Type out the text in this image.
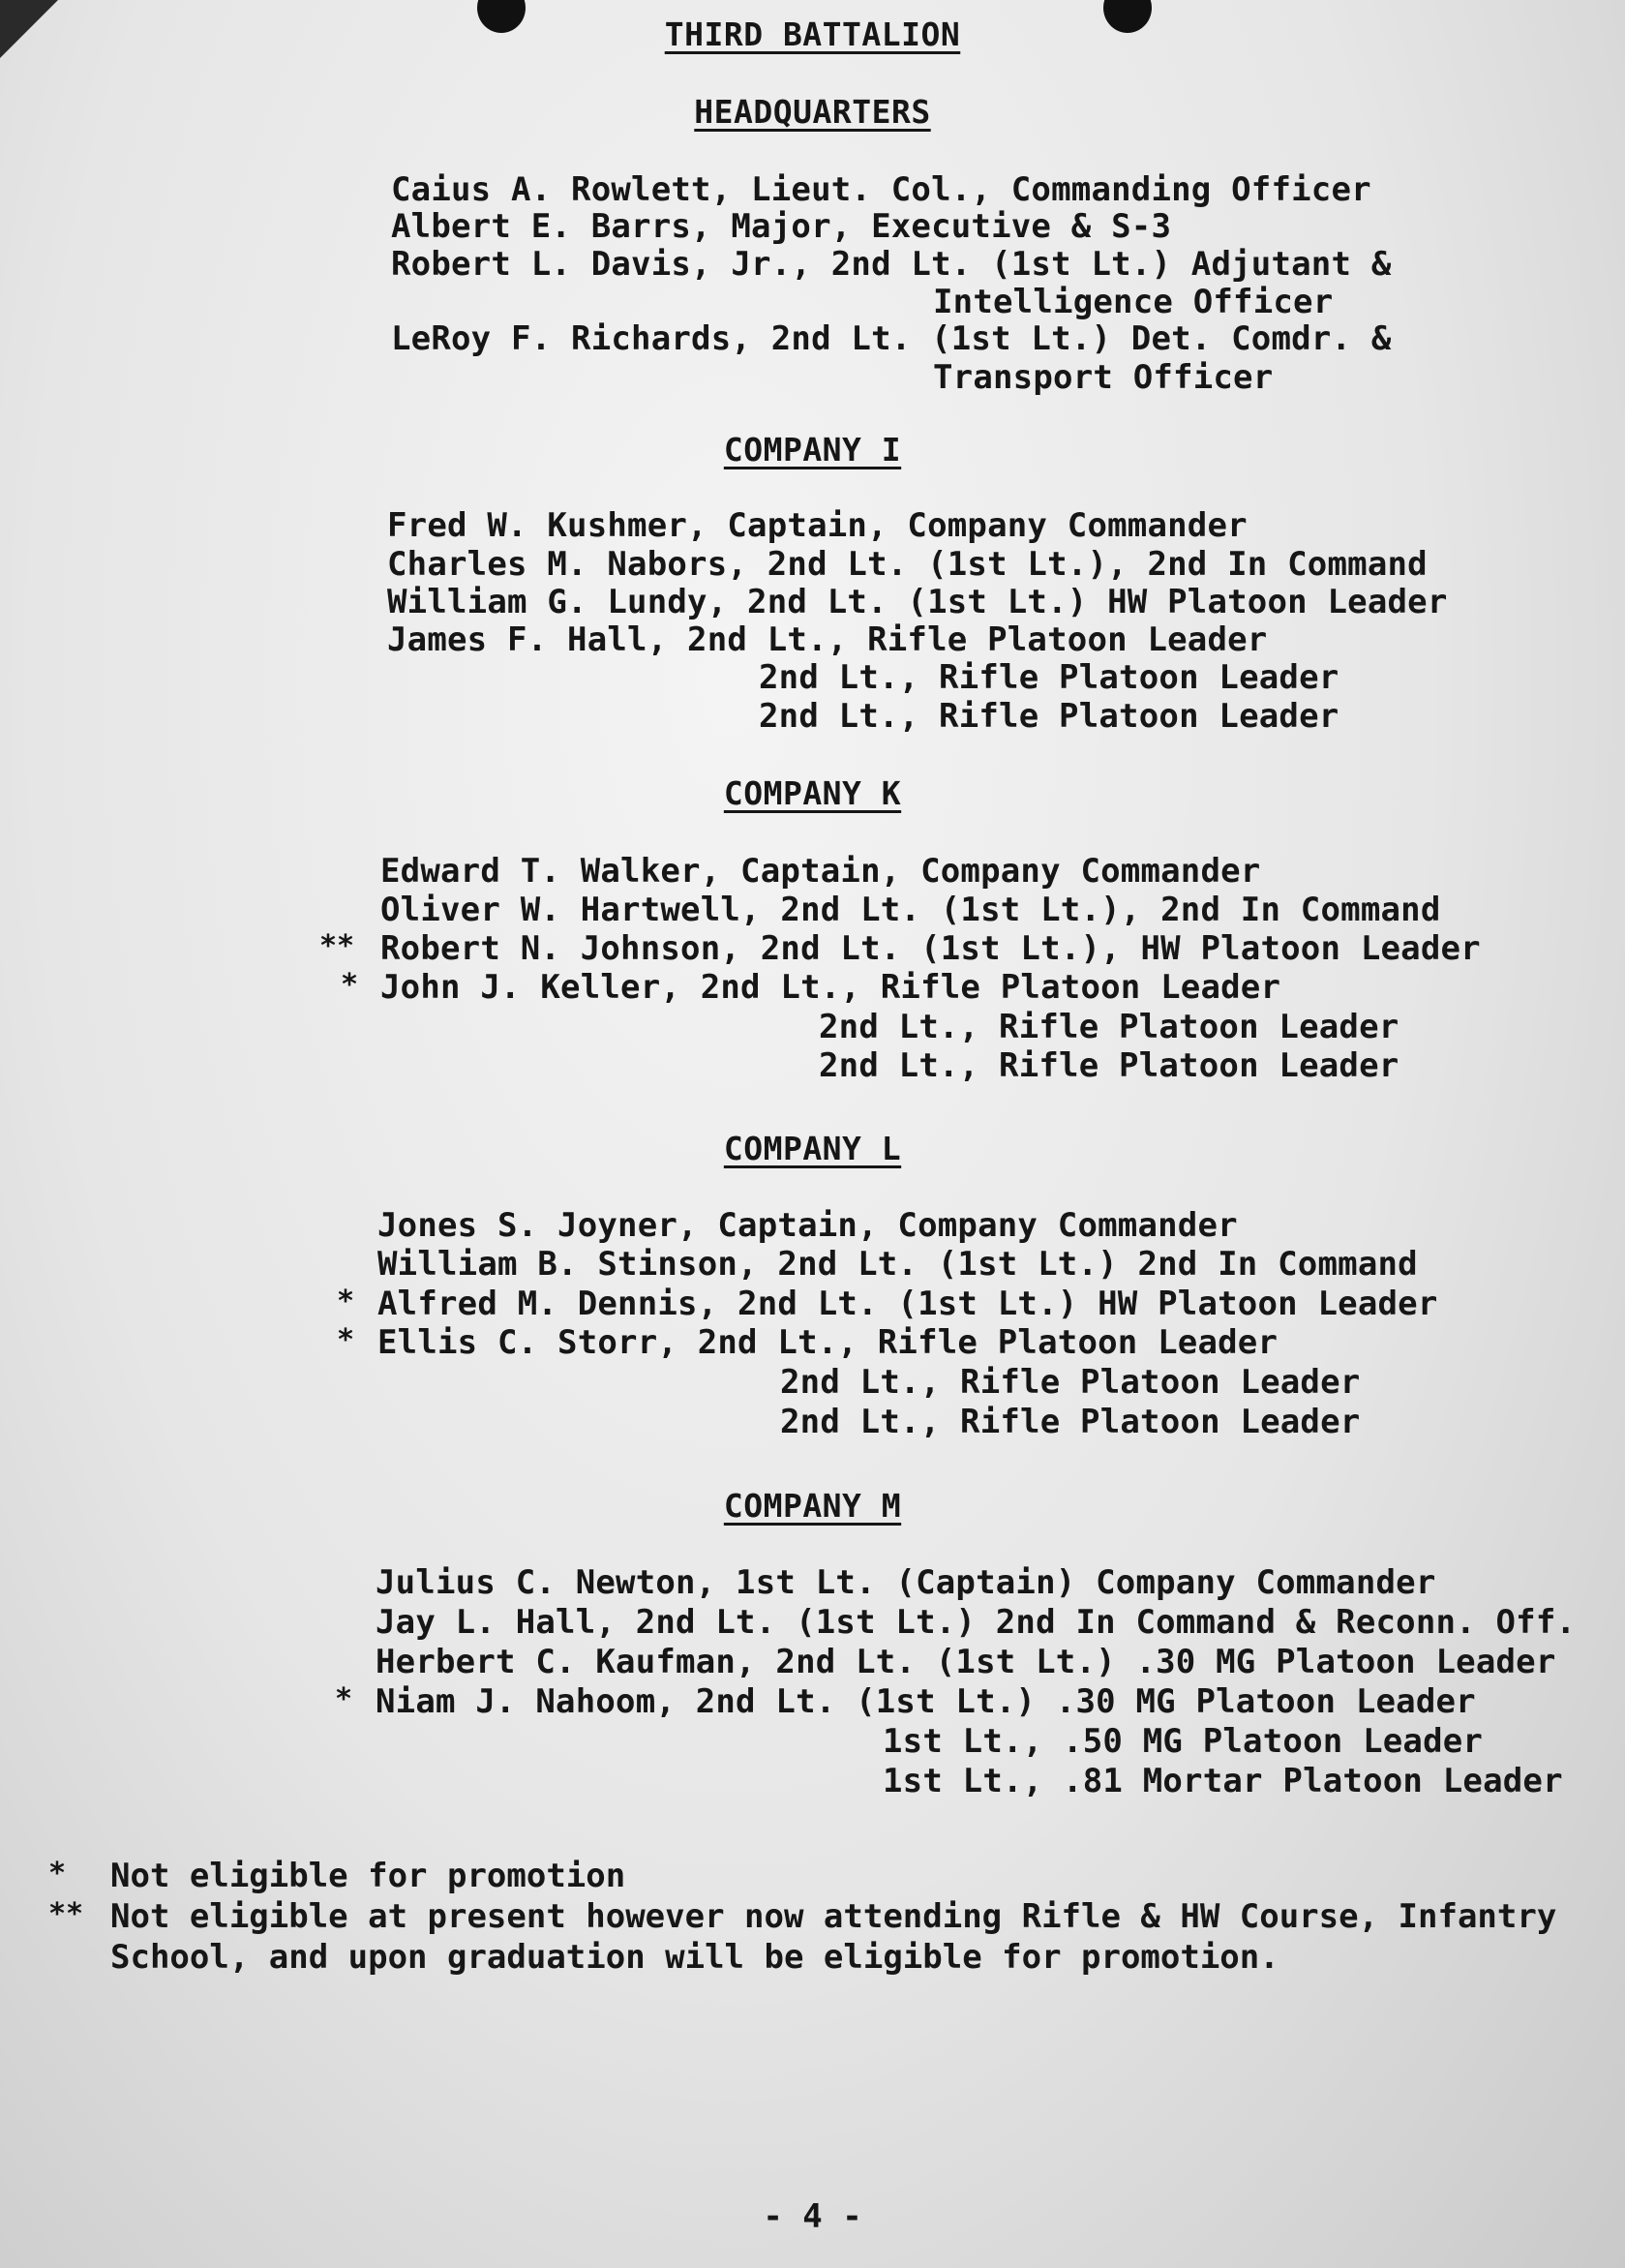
THIRD BATTALION
HEADQUARTERS
Caius A. Rowlett, Lieut. Col., Commanding Officer
Albert E. Barrs, Major, Executive & S-3
Robert L. Davis, Jr., 2nd Lt. (1st Lt.) Adjutant &
Intelligence Officer
LeRoy F. Richards, 2nd Lt. (1st Lt.) Det. Comdr. &
Transport Officer
COMPANY I
Fred W. Kushmer, Captain, Company Commander
Charles M. Nabors, 2nd Lt. (1st Lt.), 2nd In Command
William G. Lundy, 2nd Lt. (1st Lt.) HW Platoon Leader
James F. Hall, 2nd Lt., Rifle Platoon Leader
2nd Lt., Rifle Platoon Leader
2nd Lt., Rifle Platoon Leader
COMPANY K
Edward T. Walker, Captain, Company Commander
Oliver W. Hartwell, 2nd Lt. (1st Lt.), 2nd In Command
** Robert N. Johnson, 2nd Lt. (1st Lt.), HW Platoon Leader
* John J. Keller, 2nd Lt., Rifle Platoon Leader
2nd Lt., Rifle Platoon Leader
2nd Lt., Rifle Platoon Leader
COMPANY L
Jones S. Joyner, Captain, Company Commander
William B. Stinson, 2nd Lt. (1st Lt.) 2nd In Command
* Alfred M. Dennis, 2nd Lt. (1st Lt.) HW Platoon Leader
* Ellis C. Storr, 2nd Lt., Rifle Platoon Leader
2nd Lt., Rifle Platoon Leader
2nd Lt., Rifle Platoon Leader
COMPANY M
Julius C. Newton, 1st Lt. (Captain) Company Commander
Jay L. Hall, 2nd Lt. (1st Lt.) 2nd In Command & Reconn. Off.
Herbert C. Kaufman, 2nd Lt. (1st Lt.) .30 MG Platoon Leader
* Niam J. Nahoom, 2nd Lt. (1st Lt.) .30 MG Platoon Leader
1st Lt., .50 MG Platoon Leader
1st Lt., .81 Mortar Platoon Leader
* Not eligible for promotion
** Not eligible at present however now attending Rifle & HW Course, Infantry
School, and upon graduation will be eligible for promotion.
- 4 -
